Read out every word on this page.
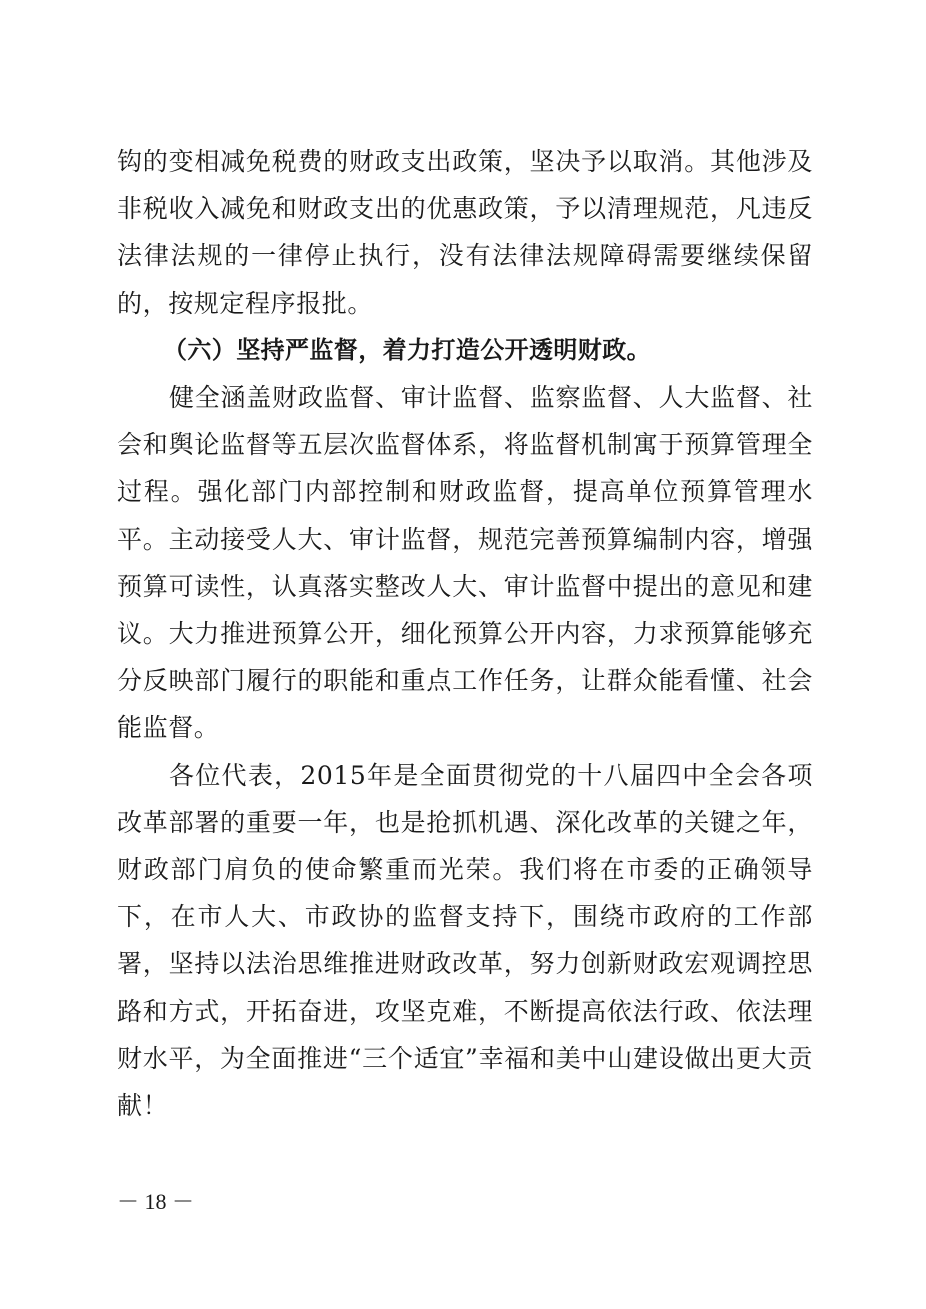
钩的变相减免税费的财政支出政策，坚决予以取消。其他涉及非税收入减免和财政支出的优惠政策，予以清理规范，凡违反法律法规的一律停止执行，没有法律法规障碍需要继续保留的，按规定程序报批。

（六）坚持严监督，着力打造公开透明财政。

健全涵盖财政监督、审计监督、监察监督、人大监督、社会和舆论监督等五层次监督体系，将监督机制寓于预算管理全过程。强化部门内部控制和财政监督，提高单位预算管理水平。主动接受人大、审计监督，规范完善预算编制内容，增强预算可读性，认真落实整改人大、审计监督中提出的意见和建议。大力推进预算公开，细化预算公开内容，力求预算能够充分反映部门履行的职能和重点工作任务，让群众能看懂、社会能监督。

各位代表，2015年是全面贯彻党的十八届四中全会各项改革部署的重要一年，也是抢抓机遇、深化改革的关键之年，财政部门肩负的使命繁重而光荣。我们将在市委的正确领导下，在市人大、市政协的监督支持下，围绕市政府的工作部署，坚持以法治思维推进财政改革，努力创新财政宏观调控思路和方式，开拓奋进，攻坚克难，不断提高依法行政、依法理财水平，为全面推进“三个适宜”幸福和美中山建设做出更大贡献！

－ 18 －
